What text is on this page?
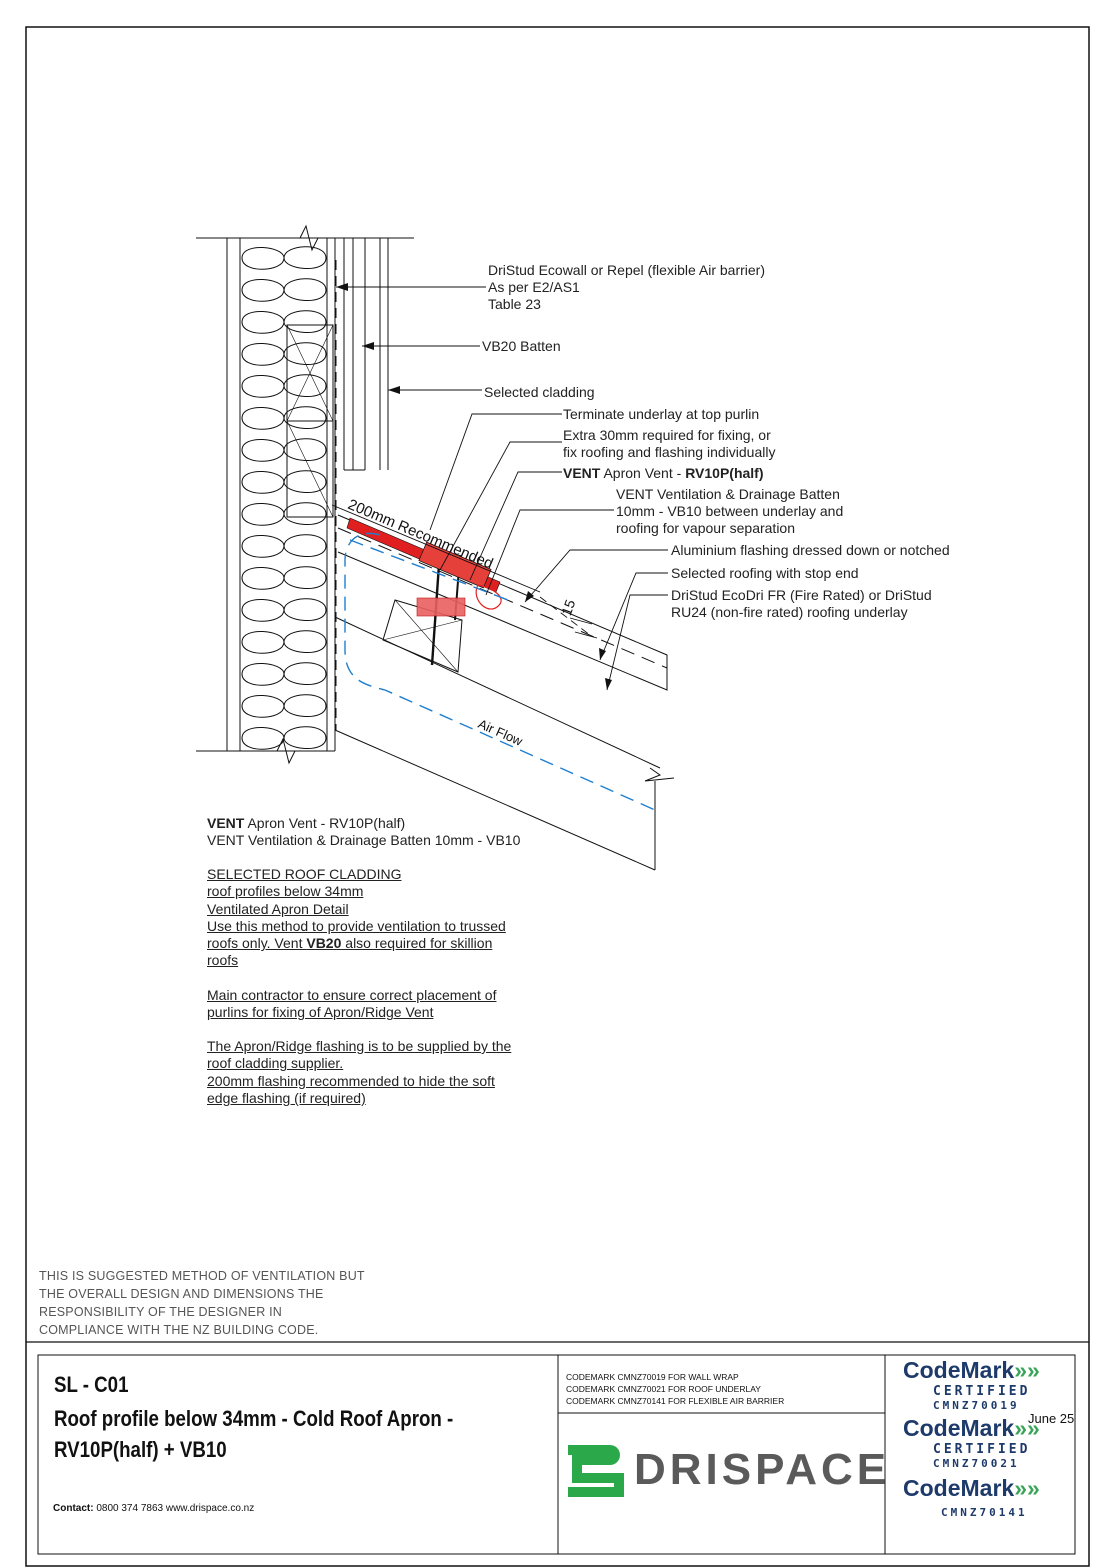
DriStud Ecowall or Repel (flexible Air barrier)
As per E2/AS1
Table 23
VB20 Batten
Selected cladding
Terminate underlay at top purlin
Extra 30mm required for fixing, or
fix roofing and flashing individually
VENT Apron Vent - RV10P(half)
VENT Ventilation & Drainage Batten
10mm - VB10 between underlay and
roofing for vapour separation
Aluminium flashing dressed down or notched
Selected roofing with stop end
DriStud EcoDri FR (Fire Rated) or DriStud
RU24 (non-fire rated) roofing underlay
200mm Recommended
15
Air Flow
VENT Apron Vent - RV10P(half)
VENT Ventilation & Drainage Batten 10mm - VB10
SELECTED ROOF CLADDING
roof profiles below 34mm
Ventilated Apron Detail
Use this method to provide ventilation to trussed
roofs only. Vent VB20 also required for skillion
roofs
Main contractor to ensure correct placement of
purlins for fixing of Apron/Ridge Vent
The Apron/Ridge flashing is to be supplied by the
roof cladding supplier.
200mm flashing recommended to hide the soft
edge flashing (if required)
THIS IS SUGGESTED METHOD OF VENTILATION BUT
THE OVERALL DESIGN AND DIMENSIONS THE
RESPONSIBILITY OF THE DESIGNER IN
COMPLIANCE WITH THE NZ BUILDING CODE.
SL - C01
Roof profile below 34mm - Cold Roof Apron -
RV10P(half) + VB10
Contact: 0800 374 7863 www.drispace.co.nz
CODEMARK CMNZ70019 FOR WALL WRAP
CODEMARK CMNZ70021 FOR ROOF UNDERLAY
CODEMARK CMNZ70141 FOR FLEXIBLE AIR BARRIER
DRISPACE
June 25
CodeMark»»
CERTIFIED
CMNZ70019
CodeMark»»
CERTIFIED
CMNZ70021
CodeMark»»
CMNZ70141
